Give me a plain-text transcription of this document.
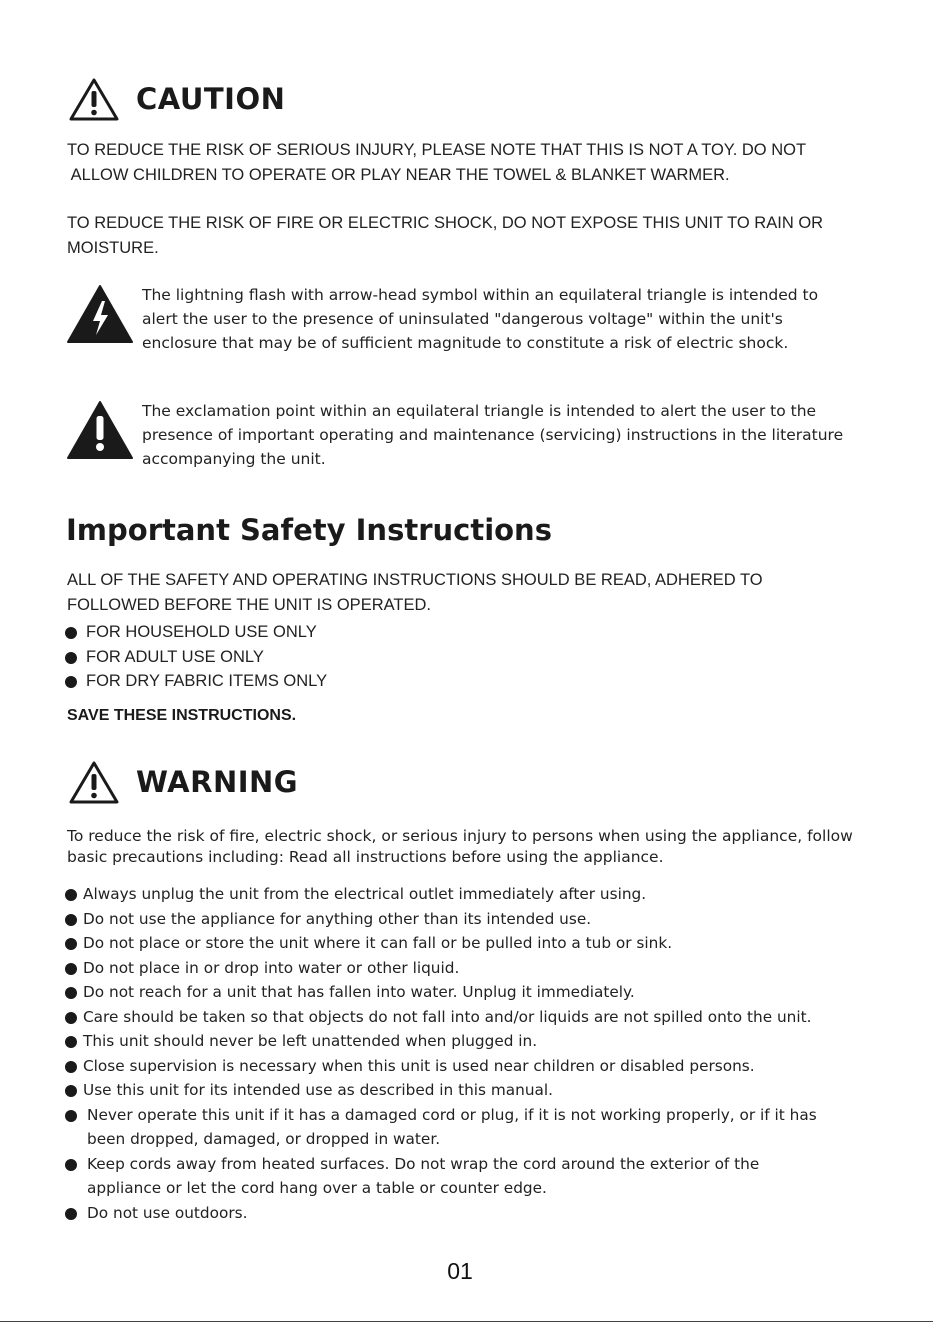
CAUTION
TO REDUCE THE RISK OF SERIOUS INJURY, PLEASE NOTE THAT THIS IS NOT A TOY. DO NOT
ALLOW CHILDREN TO OPERATE OR PLAY NEAR THE TOWEL & BLANKET WARMER.
TO REDUCE THE RISK OF FIRE OR ELECTRIC SHOCK, DO NOT EXPOSE THIS UNIT TO RAIN OR
MOISTURE.
The lightning flash with arrow-head symbol within an equilateral triangle is intended to
alert the user to the presence of uninsulated "dangerous voltage" within the unit's
enclosure that may be of sufficient magnitude to constitute a risk of electric shock.
The exclamation point within an equilateral triangle is intended to alert the user to the
presence of important operating and maintenance (servicing) instructions in the literature
accompanying the unit.
Important Safety Instructions
ALL OF THE SAFETY AND OPERATING INSTRUCTIONS SHOULD BE READ, ADHERED TO
FOLLOWED BEFORE THE UNIT IS OPERATED.
FOR HOUSEHOLD USE ONLY
FOR ADULT USE ONLY
FOR DRY FABRIC ITEMS ONLY
SAVE THESE INSTRUCTIONS.
WARNING
To reduce the risk of fire, electric shock, or serious injury to persons when using the appliance, follow
basic precautions including: Read all instructions before using the appliance.
Always unplug the unit from the electrical outlet immediately after using.
Do not use the appliance for anything other than its intended use.
Do not place or store the unit where it can fall or be pulled into a tub or sink.
Do not place in or drop into water or other liquid.
Do not reach for a unit that has fallen into water. Unplug it immediately.
Care should be taken so that objects do not fall into and/or liquids are not spilled onto the unit.
This unit should never be left unattended when plugged in.
Close supervision is necessary when this unit is used near children or disabled persons.
Use this unit for its intended use as described in this manual.
Never operate this unit if it has a damaged cord or plug, if it is not working properly, or if it has
been dropped, damaged, or dropped in water.
Keep cords away from heated surfaces. Do not wrap the cord around the exterior of the
appliance or let the cord hang over a table or counter edge.
Do not use outdoors.
01
